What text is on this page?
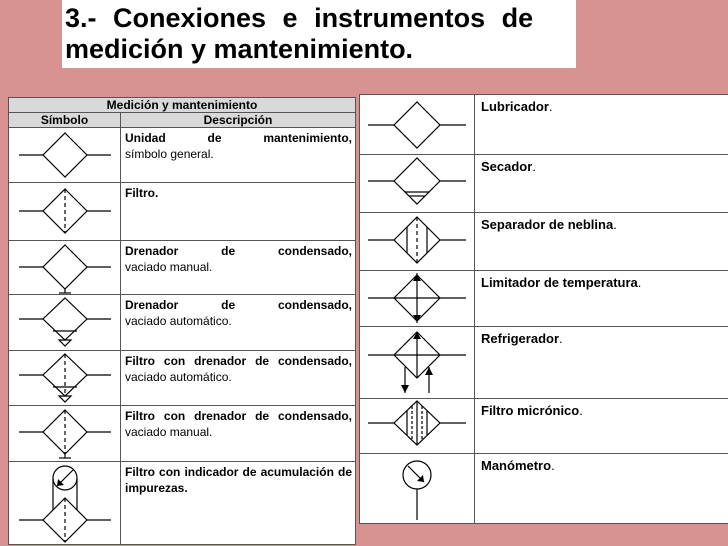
3.- Conexiones e instrumentos de
medición y mantenimiento.
Medición y mantenimiento	
Símbolo	Descripción

Unidad de mantenimiento,
símbolo general.

	Filtro.

Drenador de condensado,
vaciado manual.

Drenador de condensado,
vaciado automático.

Filtro con drenador de condensado,
vaciado automático.

Filtro con drenador de condensado,
vaciado manual.

Filtro con indicador de acumulación de impurezas.
	Lubricador.

	Secador.

	Separador de neblina.

	Limitador de temperatura.

	Refrigerador.

	Filtro micrónico.

	Manómetro.
